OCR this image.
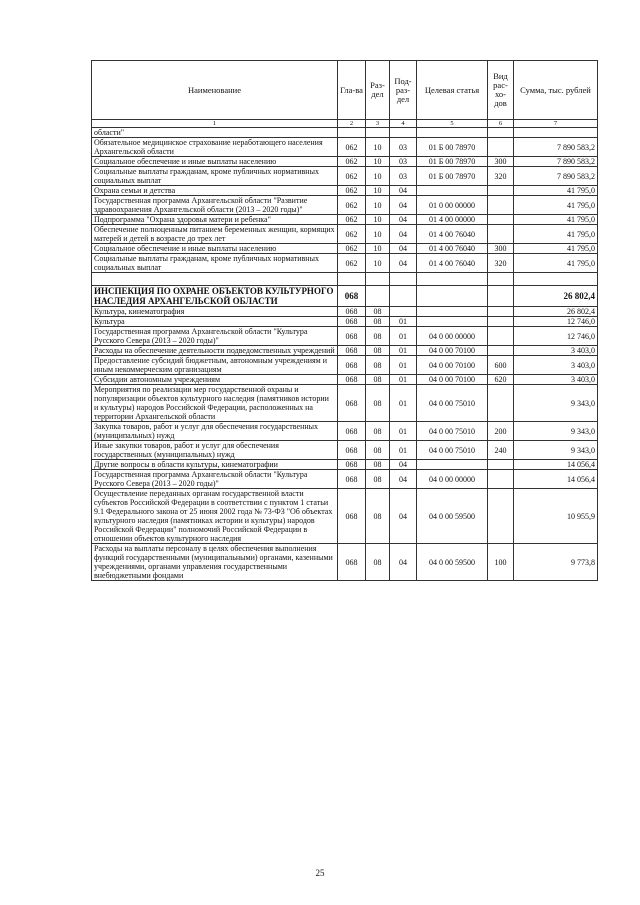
Наименование	Гла-ва	Раз-дел	Под-раз-дел	Целевая статья	Вид рас-хо-дов	Сумма, тыс. рублей
1	2	3	4	5	6	7
области"						
Обязательное медицинское страхование неработающего населения Архангельской области	062	10	03	01 Б 00 78970		7 890 583,2
Социальное обеспечение и иные выплаты населению	062	10	03	01 Б 00 78970	300	7 890 583,2
Социальные выплаты гражданам, кроме публичных нормативных социальных выплат	062	10	03	01 Б 00 78970	320	7 890 583,2
Охрана семьи и детства	062	10	04			41 795,0
Государственная программа Архангельской области "Развитие здравоохранения Архангельской области (2013 – 2020 годы)"	062	10	04	01 0 00 00000		41 795,0
Подпрограмма "Охрана здоровья матери и ребенка"	062	10	04	01 4 00 00000		41 795,0
Обеспечение полноценным питанием беременных женщин, кормящих матерей и детей в возрасте до трех лет	062	10	04	01 4 00 76040		41 795,0
Социальное обеспечение и иные выплаты населению	062	10	04	01 4 00 76040	300	41 795,0
Социальные выплаты гражданам, кроме публичных нормативных социальных выплат	062	10	04	01 4 00 76040	320	41 795,0

ИНСПЕКЦИЯ ПО ОХРАНЕ ОБЪЕКТОВ КУЛЬТУРНОГО НАСЛЕДИЯ АРХАНГЕЛЬСКОЙ ОБЛАСТИ	068					26 802,4
Культура, кинематография	068	08				26 802,4
Культура	068	08	01			12 746,0
Государственная программа Архангельской области "Культура Русского Севера (2013 – 2020 годы)"	068	08	01	04 0 00 00000		12 746,0
Расходы на обеспечение деятельности подведомственных учреждений	068	08	01	04 0 00 70100		3 403,0
Предоставление субсидий бюджетным, автономным учреждениям и иным некоммерческим организациям	068	08	01	04 0 00 70100	600	3 403,0
Субсидии автономным учреждениям	068	08	01	04 0 00 70100	620	3 403,0
Мероприятия по реализации мер государственной охраны и популяризации объектов культурного наследия (памятников истории и культуры) народов Российской Федерации, расположенных на территории Архангельской области	068	08	01	04 0 00 75010		9 343,0
Закупка товаров, работ и услуг для обеспечения государственных (муниципальных) нужд	068	08	01	04 0 00 75010	200	9 343,0
Иные закупки товаров, работ и услуг для обеспечения государственных (муниципальных) нужд	068	08	01	04 0 00 75010	240	9 343,0
Другие вопросы в области культуры, кинематографии	068	08	04			14 056,4
Государственная программа Архангельской области "Культура Русского Севера (2013 – 2020 годы)"	068	08	04	04 0 00 00000		14 056,4
Осуществление переданных органам государственной власти субъектов Российской Федерации в соответствии с пунктом 1 статьи 9.1 Федерального закона от 25 июня 2002 года № 73-ФЗ "Об объектах культурного наследия (памятниках истории и культуры) народов Российской Федерации" полномочий Российской Федерации в отношении объектов культурного наследия	068	08	04	04 0 00 59500		10 955,9
Расходы на выплаты персоналу в целях обеспечения выполнения функций государственными (муниципальными) органами, казенными учреждениями, органами управления государственными внебюджетными фондами	068	08	04	04 0 00 59500	100	9 773,8
25
